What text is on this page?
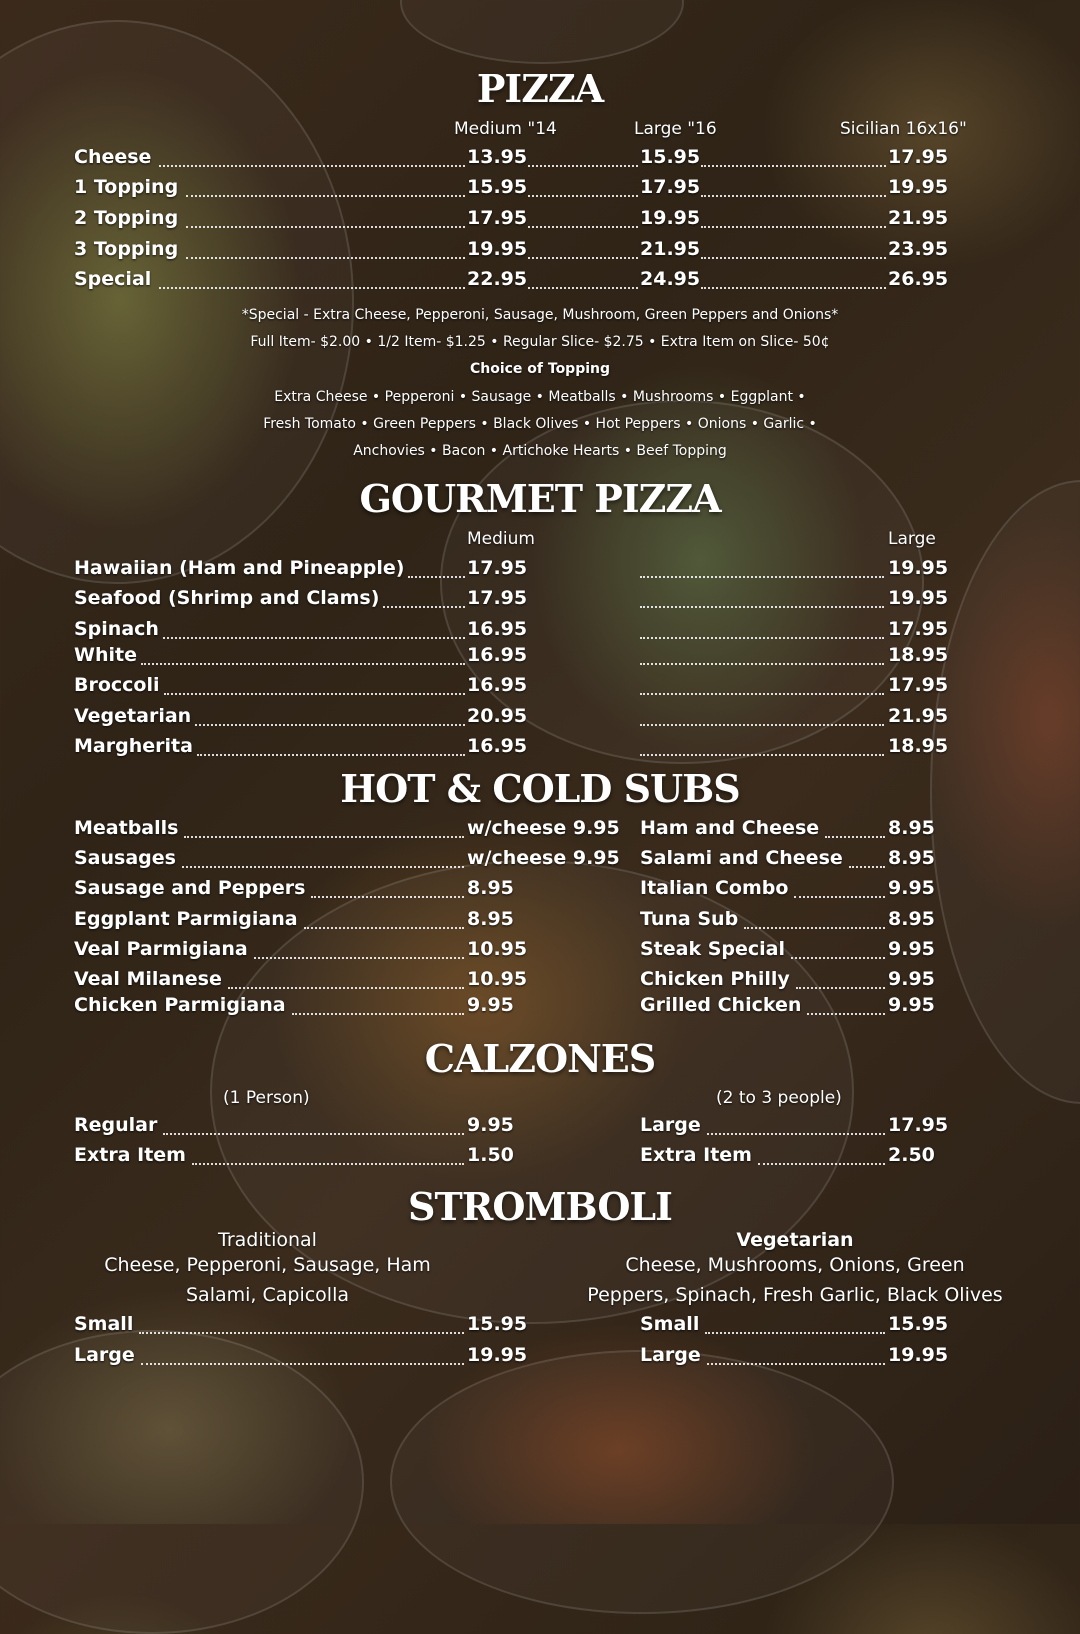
PIZZA
Medium "14	Large "16	Sicilian 16x16"
Cheese	13.95	15.95	17.95
1 Topping	15.95	17.95	19.95
2 Topping	17.95	19.95	21.95
3 Topping	19.95	21.95	23.95
Special	22.95	24.95	26.95
*Special - Extra Cheese, Pepperoni, Sausage, Mushroom, Green Peppers and Onions*
Full Item- $2.00 • 1/2 Item- $1.25 • Regular Slice- $2.75 • Extra Item on Slice- 50¢
Choice of Topping
Extra Cheese • Pepperoni • Sausage • Meatballs • Mushrooms • Eggplant •
Fresh Tomato • Green Peppers • Black Olives • Hot Peppers • Onions • Garlic •
Anchovies • Bacon • Artichoke Hearts • Beef Topping
GOURMET PIZZA
Medium	Large
Hawaiian (Ham and Pineapple)	17.95	19.95
Seafood (Shrimp and Clams)	17.95	19.95
Spinach	16.95	17.95
White	16.95	18.95
Broccoli	16.95	17.95
Vegetarian	20.95	21.95
Margherita	16.95	18.95
HOT & COLD SUBS
Meatballs	w/cheese 9.95
Sausages	w/cheese 9.95
Sausage and Peppers	8.95
Eggplant Parmigiana	8.95
Veal Parmigiana	10.95
Veal Milanese	10.95
Chicken Parmigiana	9.95
Ham and Cheese	8.95
Salami and Cheese 8.95
Italian Combo	9.95
Tuna Sub	8.95
Steak Special	9.95
Chicken Philly	9.95
Grilled Chicken	9.95
CALZONES
(1 Person)	(2 to 3 people)
Regular	9.95
Extra Item	1.50
Large	17.95
Extra Item	2.50
STROMBOLI
Traditional	Vegetarian
Cheese, Pepperoni, Sausage, Ham
Salami, Capicolla
Cheese, Mushrooms, Onions, Green
Peppers, Spinach, Fresh Garlic, Black Olives
Small	15.95
Large	19.95
Small	15.95
Large	19.95
